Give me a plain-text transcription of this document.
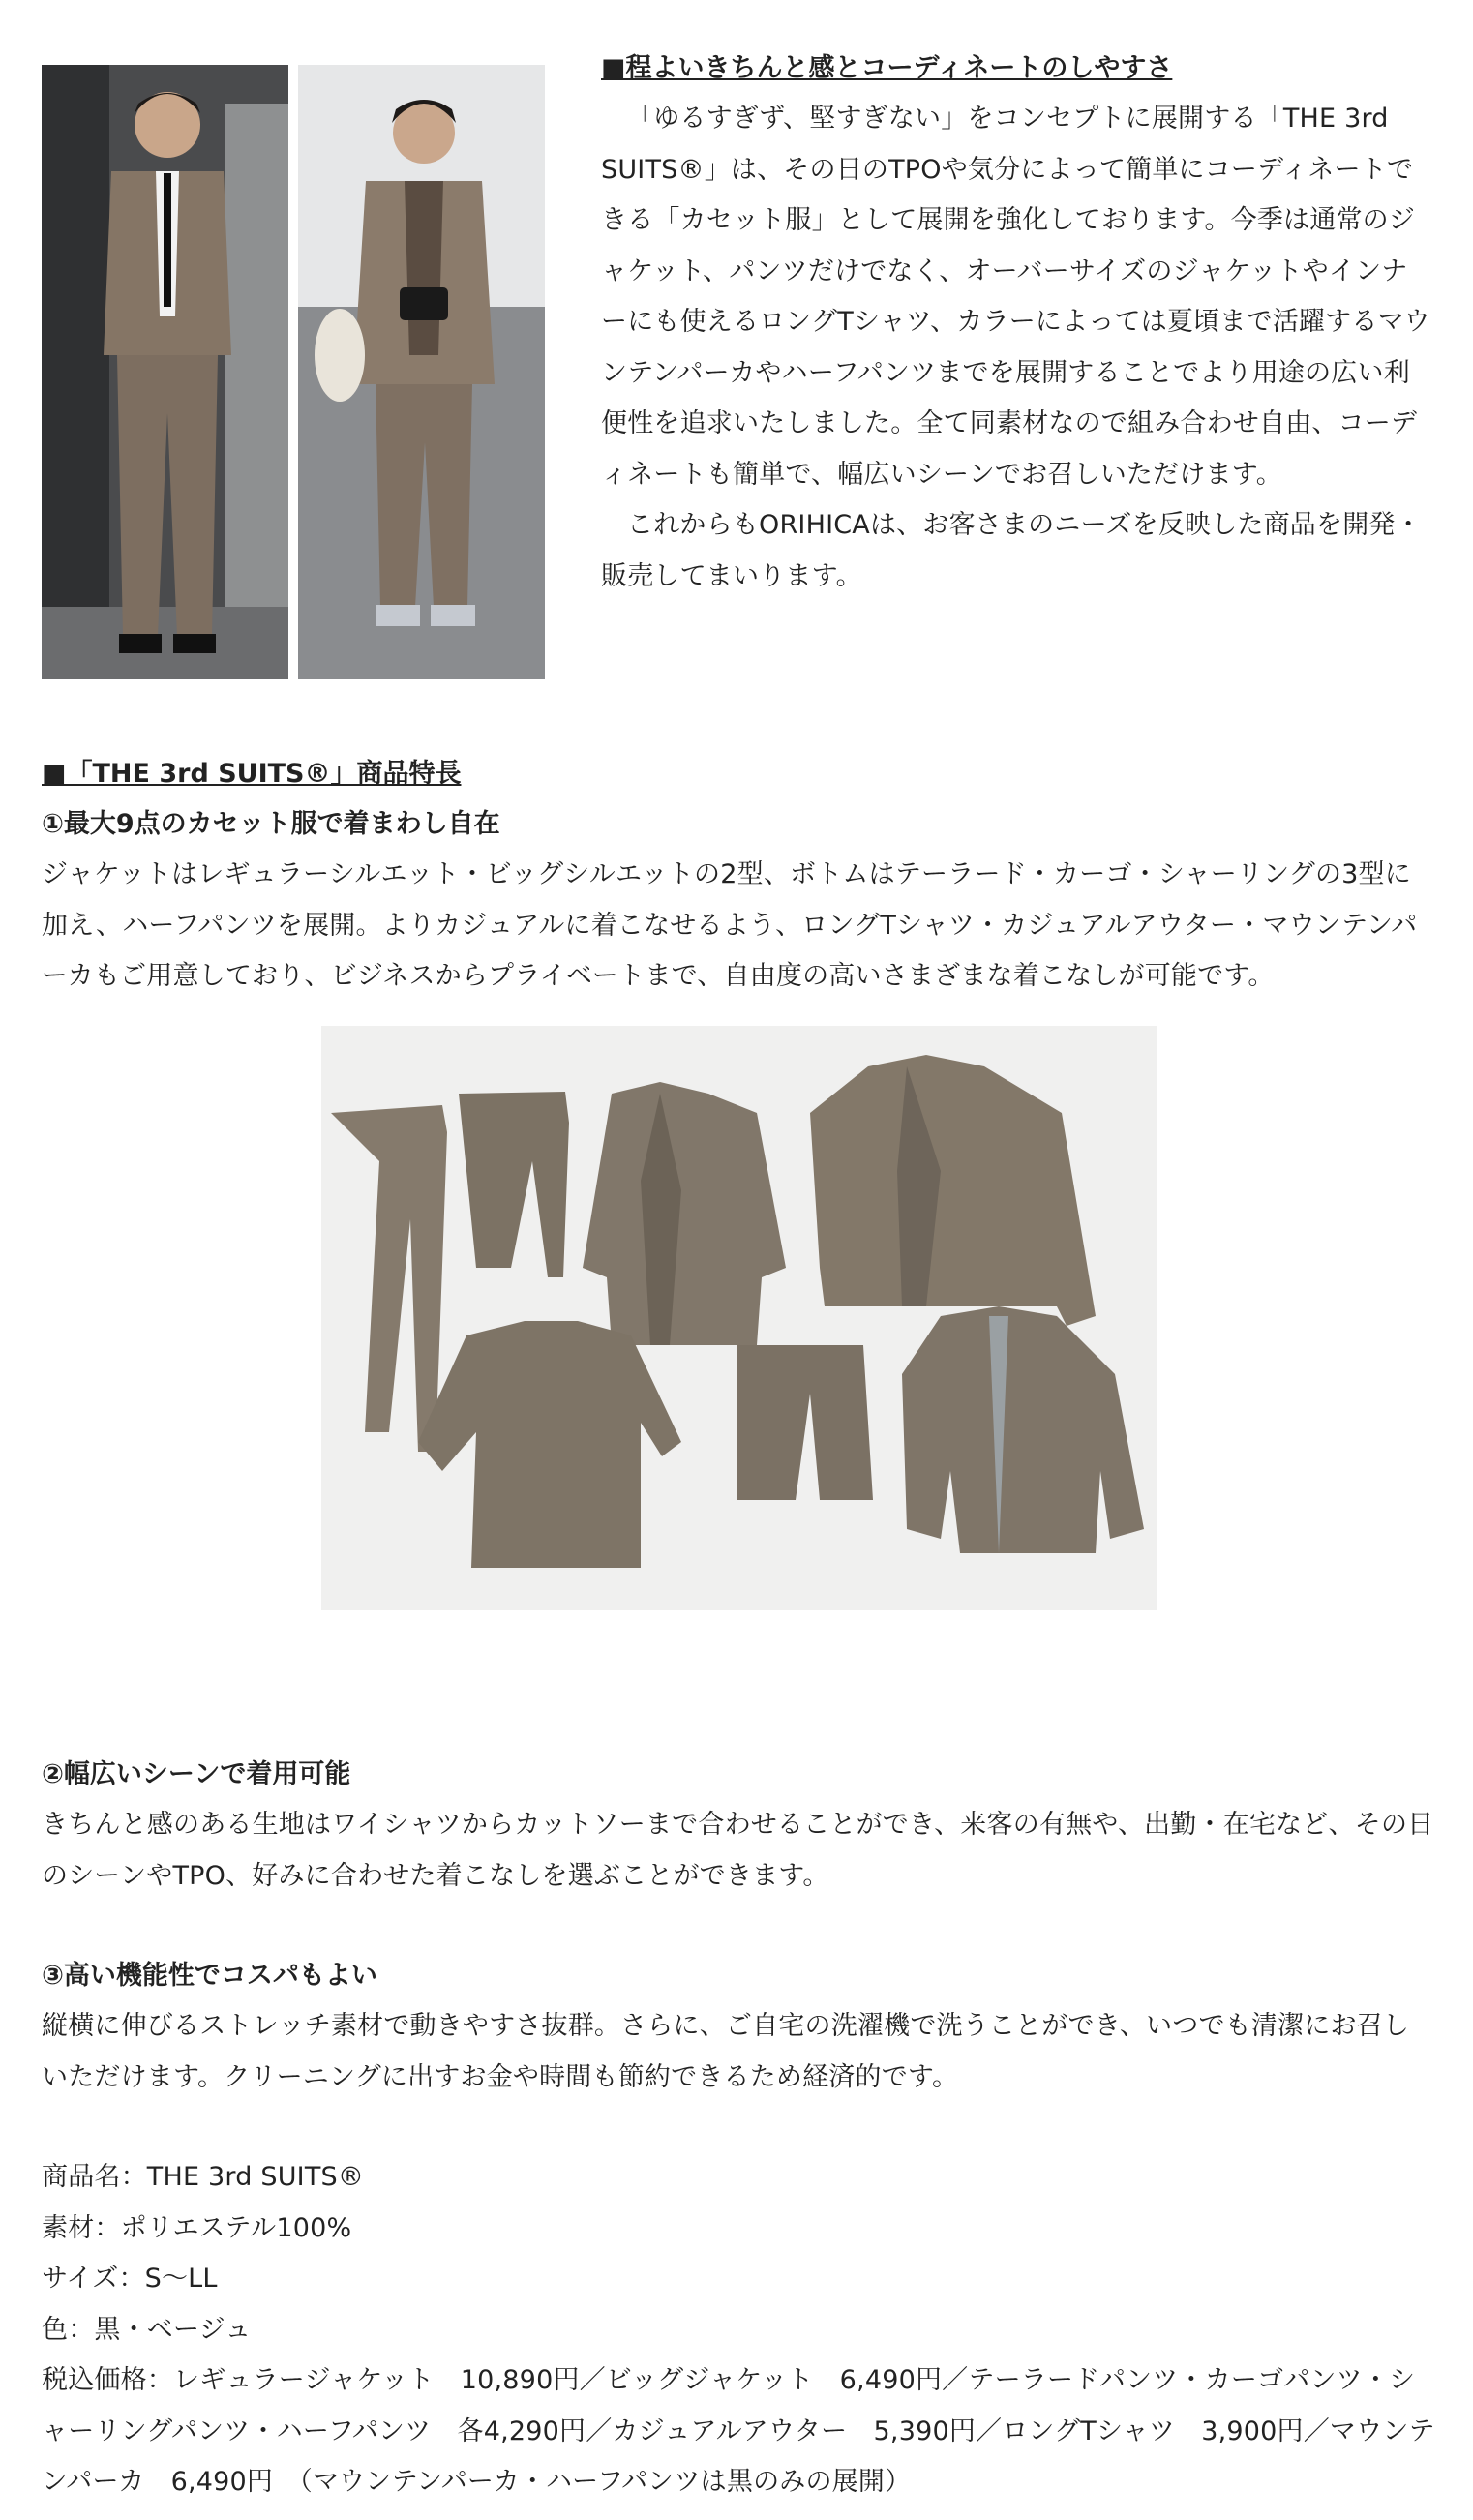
■程よいきちんと感とコーディネートのしやすさ

「ゆるすぎず、堅すぎない」をコンセプトに展開する「THE 3rd SUITS®」は、その日のTPOや気分によって簡単にコーディネートできる「カセット服」として展開を強化しております。今季は通常のジャケット、パンツだけでなく、オーバーサイズのジャケットやインナーにも使えるロングTシャツ、カラーによっては夏頃まで活躍するマウンテンパーカやハーフパンツまでを展開することでより用途の広い利便性を追求いたしました。全て同素材なので組み合わせ自由、コーディネートも簡単で、幅広いシーンでお召しいただけます。

これからもORIHICAは、お客さまのニーズを反映した商品を開発・販売してまいります。

■「THE 3rd SUITS®」商品特長

①最大9点のカセット服で着まわし自在

ジャケットはレギュラーシルエット・ビッグシルエットの2型、ボトムはテーラード・カーゴ・シャーリングの3型に加え、ハーフパンツを展開。よりカジュアルに着こなせるよう、ロングTシャツ・カジュアルアウター・マウンテンパーカもご用意しており、ビジネスからプライベートまで、自由度の高いさまざまな着こなしが可能です。

②幅広いシーンで着用可能

きちんと感のある生地はワイシャツからカットソーまで合わせることができ、来客の有無や、出勤・在宅など、その日のシーンやTPO、好みに合わせた着こなしを選ぶことができます。

③高い機能性でコスパもよい

縦横に伸びるストレッチ素材で動きやすさ抜群。さらに、ご自宅の洗濯機で洗うことができ、いつでも清潔にお召しいただけます。クリーニングに出すお金や時間も節約できるため経済的です。

商品名：THE 3rd SUITS®

素材：ポリエステル100%

サイズ：S〜LL

色：黒・ベージュ

税込価格：レギュラージャケット　10,890円／ビッグジャケット　6,490円／テーラードパンツ・カーゴパンツ・シャーリングパンツ・ハーフパンツ　各4,290円／カジュアルアウター　5,390円／ロングTシャツ　3,900円／マウンテンパーカ　6,490円　（マウンテンパーカ・ハーフパンツは黒のみの展開）
